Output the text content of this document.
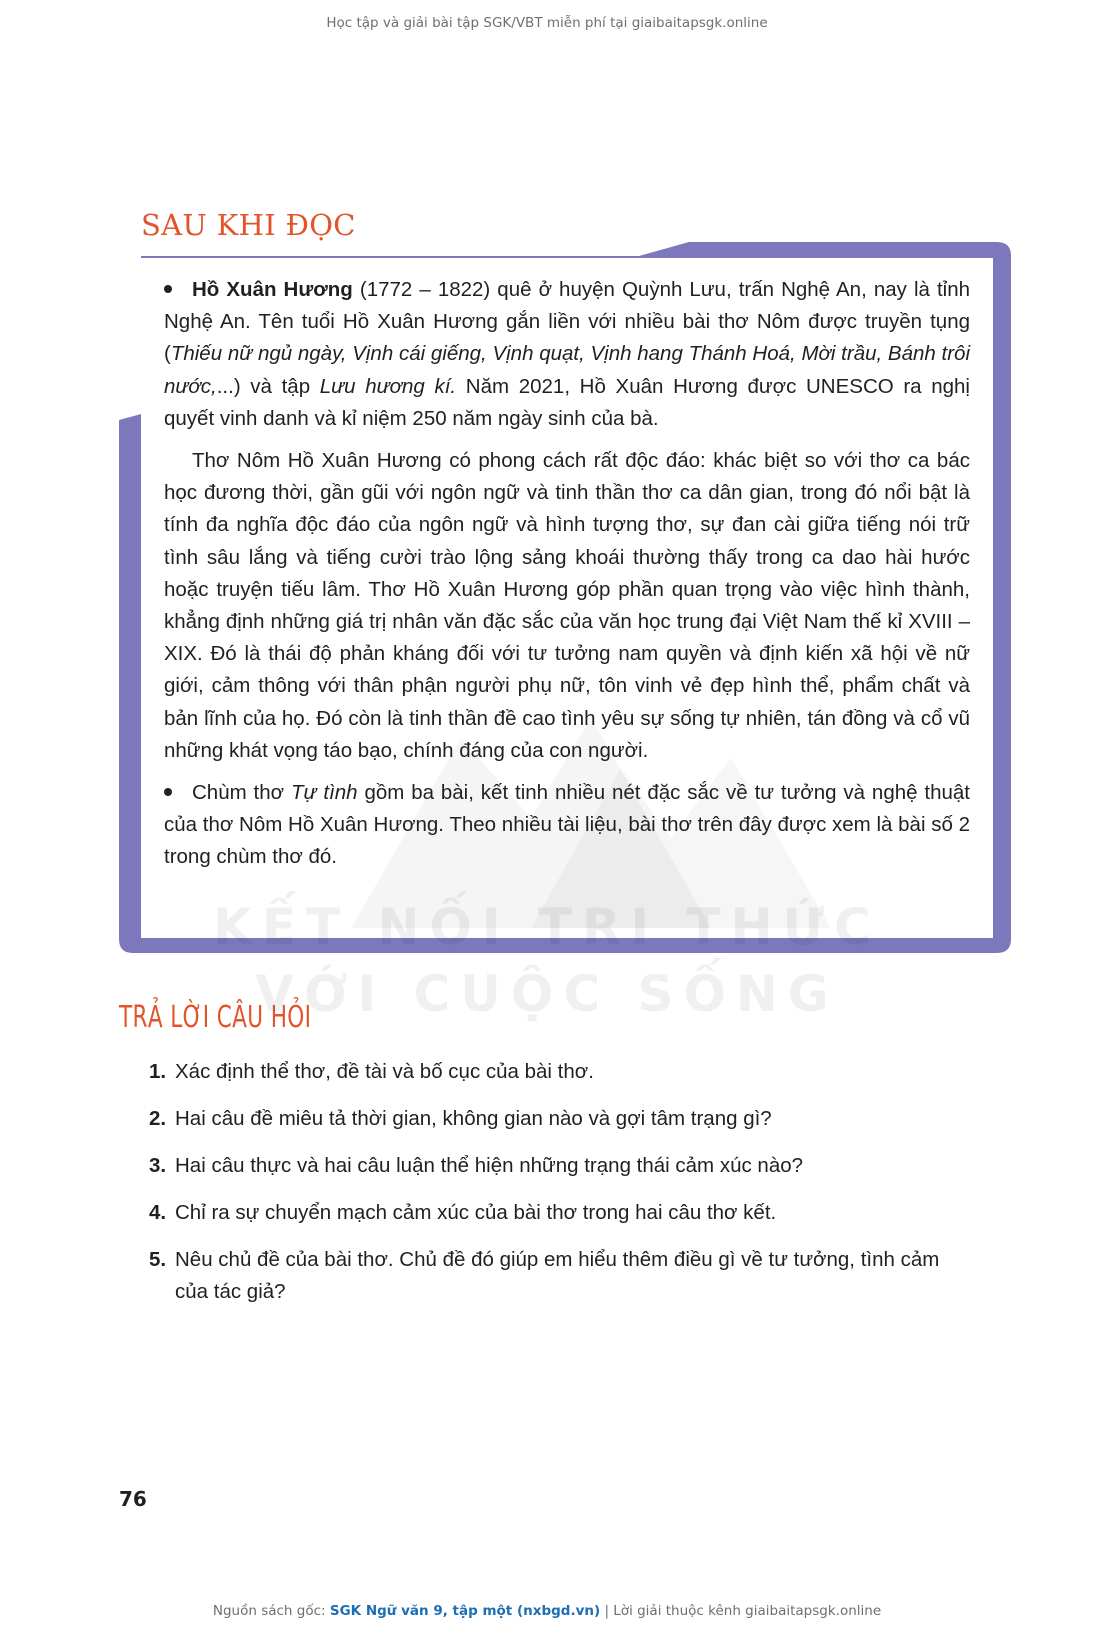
Học tập và giải bài tập SGK/VBT miễn phí tại giaibaitapsgk.online
SAU KHI ĐỌC

Hồ Xuân Hương (1772 – 1822) quê ở huyện Quỳnh Lưu, trấn Nghệ An, nay là tỉnh Nghệ An. Tên tuổi Hồ Xuân Hương gắn liền với nhiều bài thơ Nôm được truyền tụng (Thiếu nữ ngủ ngày, Vịnh cái giếng, Vịnh quạt, Vịnh hang Thánh Hoá, Mời trầu, Bánh trôi nước,...) và tập Lưu hương kí. Năm 2021, Hồ Xuân Hương được UNESCO ra nghị quyết vinh danh và kỉ niệm 250 năm ngày sinh của bà.

Thơ Nôm Hồ Xuân Hương có phong cách rất độc đáo: khác biệt so với thơ ca bác học đương thời, gần gũi với ngôn ngữ và tinh thần thơ ca dân gian, trong đó nổi bật là tính đa nghĩa độc đáo của ngôn ngữ và hình tượng thơ, sự đan cài giữa tiếng nói trữ tình sâu lắng và tiếng cười trào lộng sảng khoái thường thấy trong ca dao hài hước hoặc truyện tiếu lâm. Thơ Hồ Xuân Hương góp phần quan trọng vào việc hình thành, khẳng định những giá trị nhân văn đặc sắc của văn học trung đại Việt Nam thế kỉ XVIII – XIX. Đó là thái độ phản kháng đối với tư tưởng nam quyền và định kiến xã hội về nữ giới, cảm thông với thân phận người phụ nữ, tôn vinh vẻ đẹp hình thể, phẩm chất và bản lĩnh của họ. Đó còn là tinh thần đề cao tình yêu sự sống tự nhiên, tán đồng và cổ vũ những khát vọng táo bạo, chính đáng của con người.

Chùm thơ Tự tình gồm ba bài, kết tinh nhiều nét đặc sắc về tư tưởng và nghệ thuật của thơ Nôm Hồ Xuân Hương. Theo nhiều tài liệu, bài thơ trên đây được xem là bài số 2 trong chùm thơ đó.

VỚI CUỘC SỐNG
TRẢ LỜI CÂU HỎI
1. Xác định thể thơ, đề tài và bố cục của bài thơ.
2. Hai câu đề miêu tả thời gian, không gian nào và gợi tâm trạng gì?
3. Hai câu thực và hai câu luận thể hiện những trạng thái cảm xúc nào?
4. Chỉ ra sự chuyển mạch cảm xúc của bài thơ trong hai câu thơ kết.
5. Nêu chủ đề của bài thơ. Chủ đề đó giúp em hiểu thêm điều gì về tư tưởng, tình cảm
của tác giả?
76
Nguồn sách gốc: SGK Ngữ văn 9, tập một (nxbgd.vn) | Lời giải thuộc kênh giaibaitapsgk.online
